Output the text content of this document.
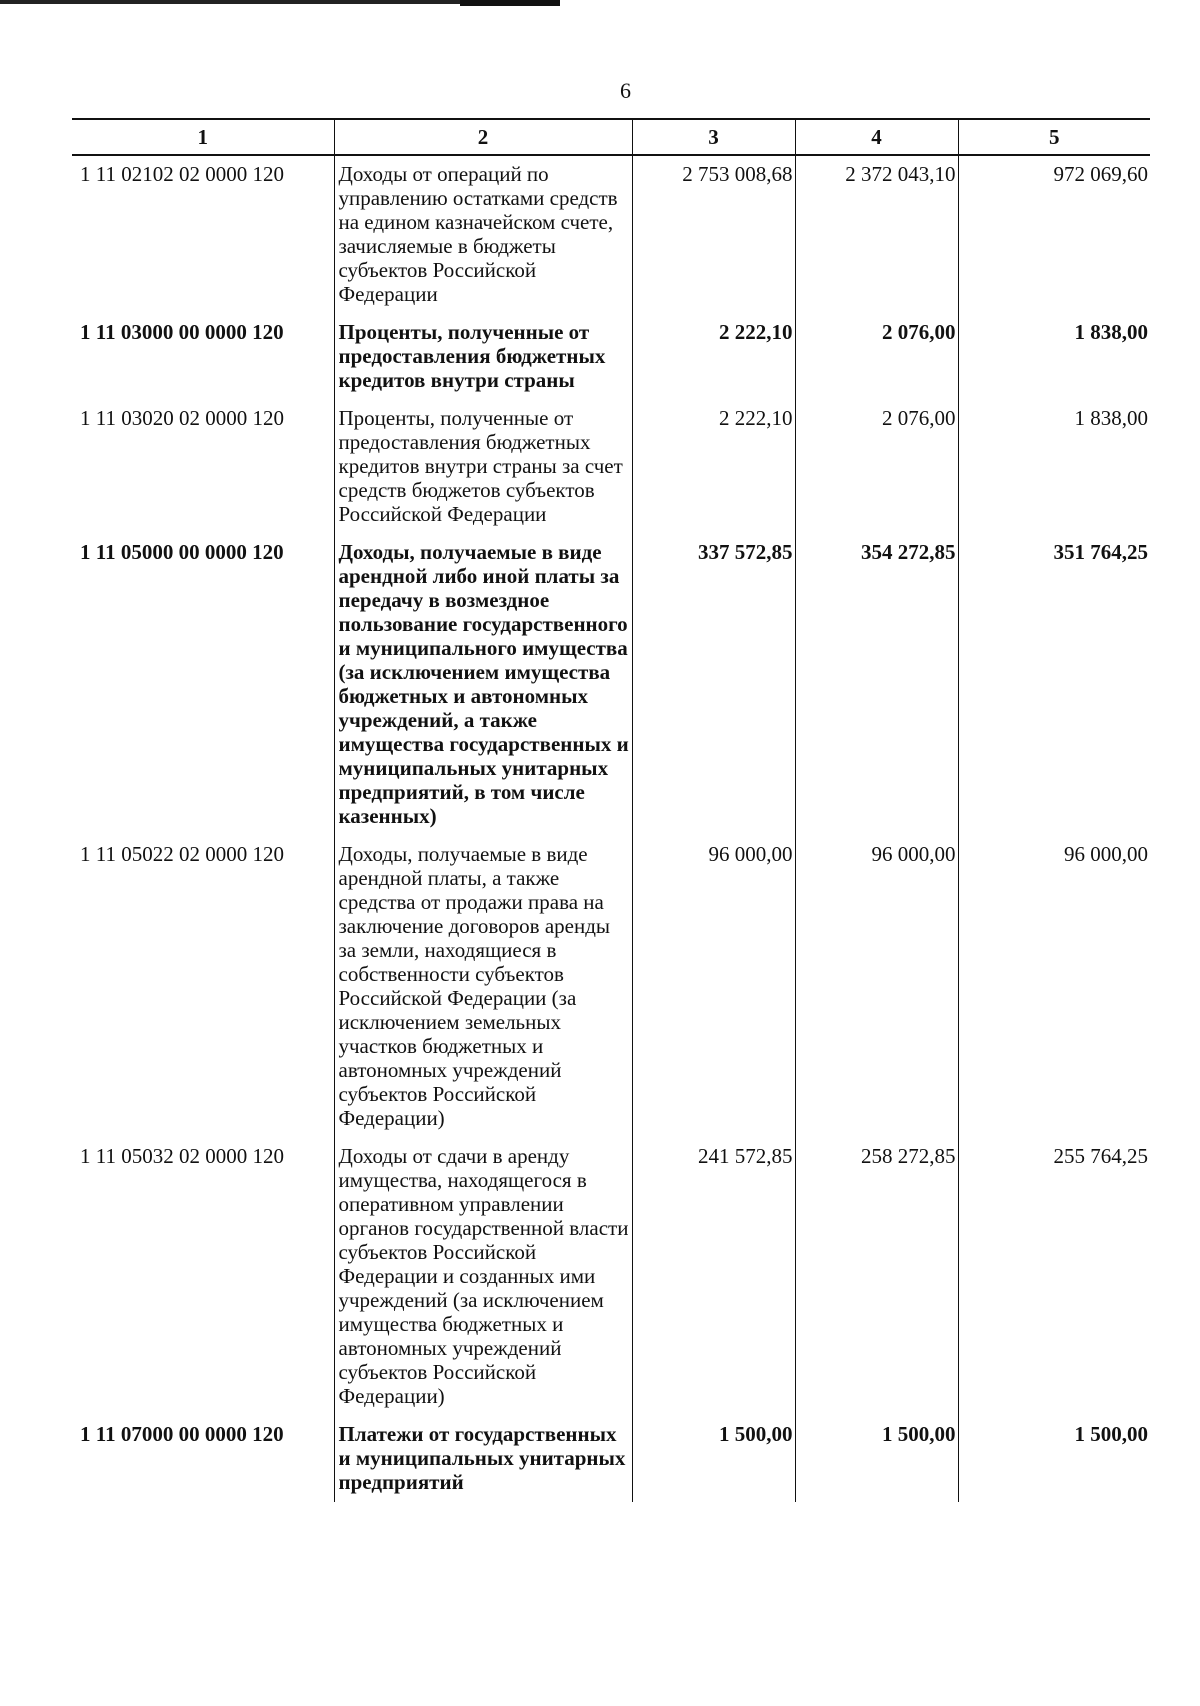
6
1	2	3	4	5
1 11 02102 02 0000 120	Доходы от операций по управлению остатками средств на едином казначейском счете, зачисляемые в бюджеты субъектов Российской Федерации	2 753 008,68	2 372 043,10	972 069,60
1 11 03000 00 0000 120	Проценты, полученные от предоставления бюджетных кредитов внутри страны	2 222,10	2 076,00	1 838,00
1 11 03020 02 0000 120	Проценты, полученные от предоставления бюджетных кредитов внутри страны за счет средств бюджетов субъектов Российской Федерации	2 222,10	2 076,00	1 838,00
1 11 05000 00 0000 120	Доходы, получаемые в виде арендной либо иной платы за передачу в возмездное пользование государственного и муниципального имущества (за исключением имущества бюджетных и автономных учреждений, а также имущества государственных и муниципальных унитарных предприятий, в том числе казенных)	337 572,85	354 272,85	351 764,25
1 11 05022 02 0000 120	Доходы, получаемые в виде арендной платы, а также средства от продажи права на заключение договоров аренды за земли, находящиеся в собственности субъектов Российской Федерации (за исключением земельных участков бюджетных и автономных учреждений субъектов Российской Федерации)	96 000,00	96 000,00	96 000,00
1 11 05032 02 0000 120	Доходы от сдачи в аренду имущества, находящегося в оперативном управлении органов государственной власти субъектов Российской Федерации и созданных ими учреждений (за исключением имущества бюджетных и автономных учреждений субъектов Российской Федерации)	241 572,85	258 272,85	255 764,25
1 11 07000 00 0000 120	Платежи от государственных и муниципальных унитарных предприятий	1 500,00	1 500,00	1 500,00
